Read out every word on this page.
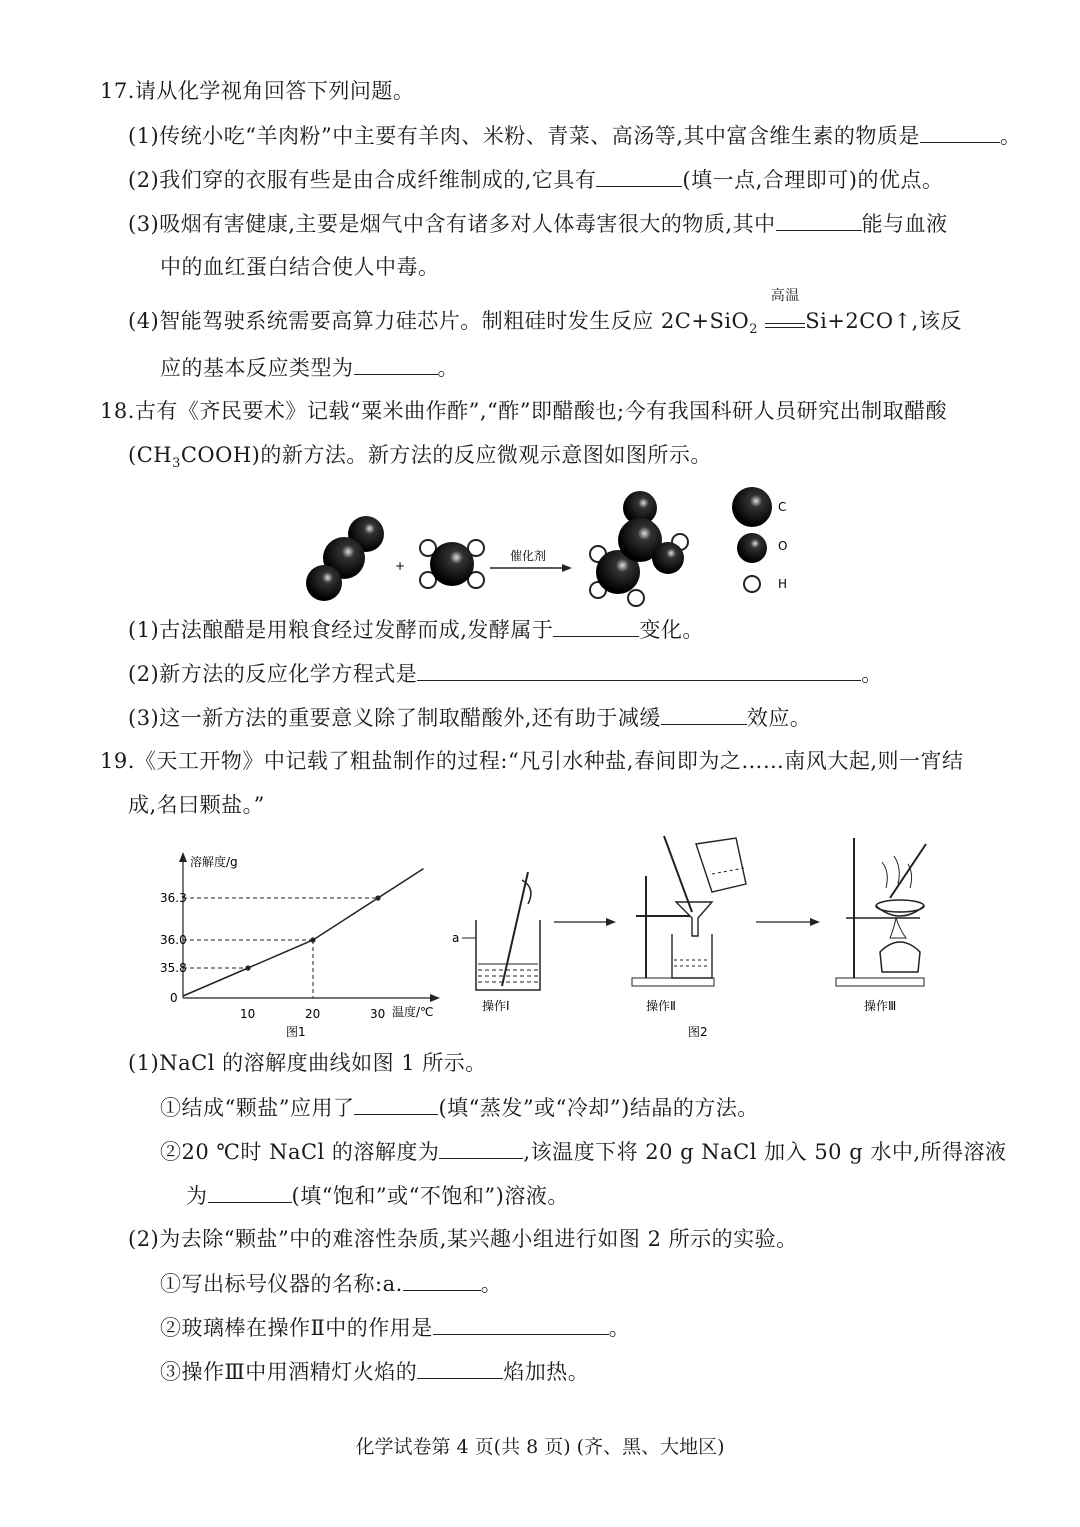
17.请从化学视角回答下列问题。
(1)传统小吃“羊肉粉”中主要有羊肉、米粉、青菜、高汤等,其中富含维生素的物质是	。
(2)我们穿的衣服有些是由合成纤维制成的,它具有	(填一点,合理即可)的优点。
(3)吸烟有害健康,主要是烟气中含有诸多对人体毒害很大的物质,其中	能与血液
中的血红蛋白结合使人中毒。
(4)智能驾驶系统需要高算力硅芯片。制粗硅时发生反应 2C+SiO$_2$
高温
Si+2CO↑,该反
应的基本反应类型为	。
18.古有《齐民要术》记载“粟米曲作酢”,“酢”即醋酸也;今有我国科研人员研究出制取醋酸
$(CH_3COOH)$的新方法。新方法的反应微观示意图如图所示。
+
催化剂
C
O
H
(1)古法酿醋是用粮食经过发酵而成,发酵属于	变化。
(2)新方法的反应化学方程式是	。
(3)这一新方法的重要意义除了制取醋酸外,还有助于减缓	效应。
19.《天工开物》中记载了粗盐制作的过程:“凡引水种盐,春间即为之……南风大起,则一宵结
成,名曰颗盐。”
溶解度/g
温度/℃
0
36.3
36.0
35.8
10	20	30
图1
a
操作Ⅰ	操作Ⅱ	操作Ⅲ
图2
(1)NaCl 的溶解度曲线如图 1 所示。
①结成“颗盐”应用了	(填“蒸发”或“冷却”)结晶的方法。
②20 ℃时 NaCl 的溶解度为	,该温度下将 20 g NaCl 加入 50 g 水中,所得溶液
为	(填“饱和”或“不饱和”)溶液。
(2)为去除“颗盐”中的难溶性杂质,某兴趣小组进行如图 2 所示的实验。
①写出标号仪器的名称:a.	。
②玻璃棒在操作Ⅱ中的作用是	。
③操作Ⅲ中用酒精灯火焰的	焰加热。
化学试卷第 4 页(共 8 页) (齐、黑、大地区)
